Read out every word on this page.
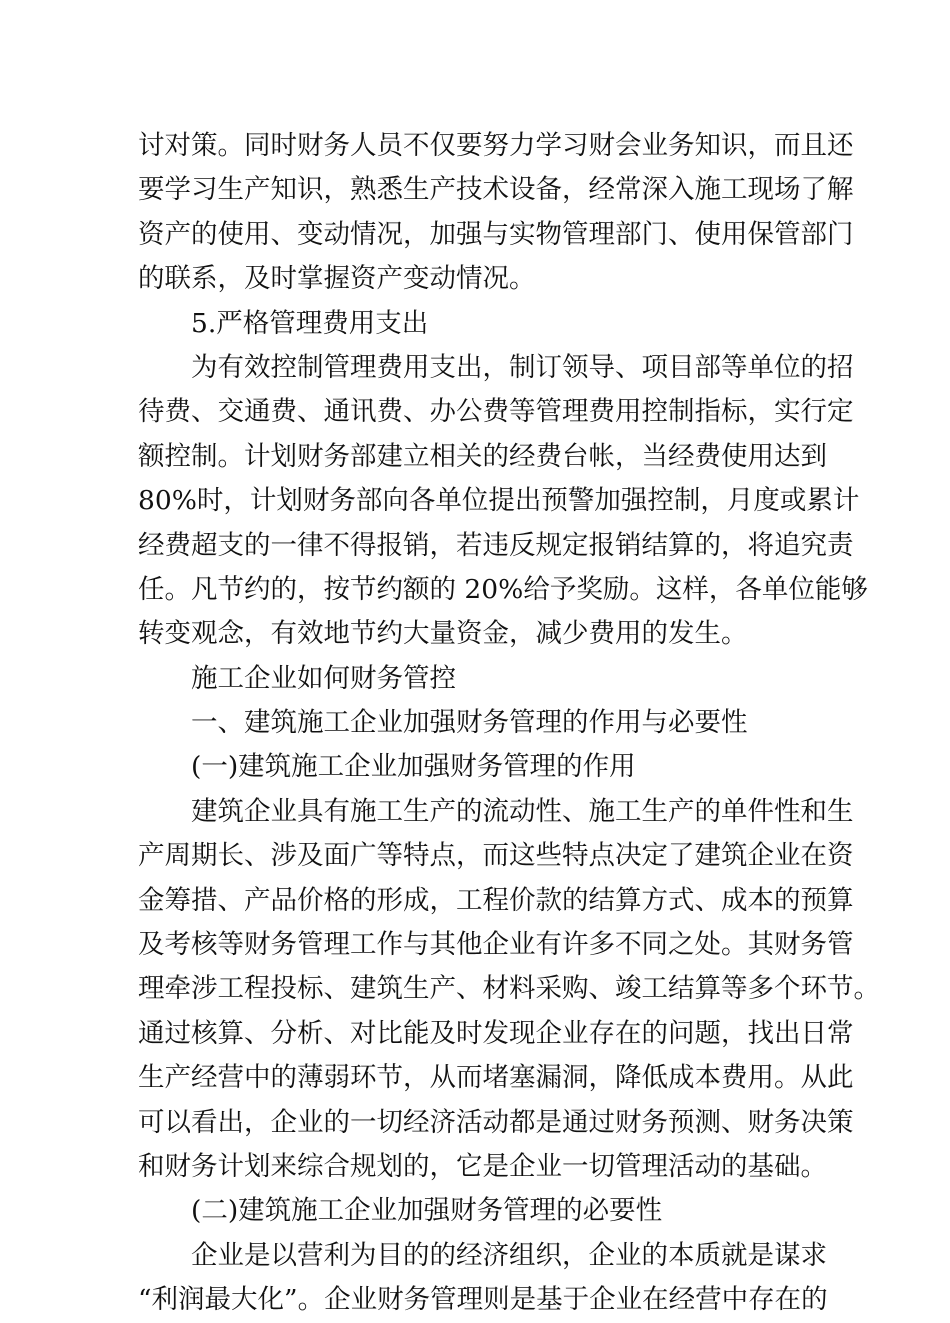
讨对策。同时财务人员不仅要努力学习财会业务知识，而且还
要学习生产知识，熟悉生产技术设备，经常深入施工现场了解
资产的使用、变动情况，加强与实物管理部门、使用保管部门
的联系，及时掌握资产变动情况。
5.严格管理费用支出
为有效控制管理费用支出，制订领导、项目部等单位的招
待费、交通费、通讯费、办公费等管理费用控制指标，实行定
额控制。计划财务部建立相关的经费台帐，当经费使用达到
80%时，计划财务部向各单位提出预警加强控制，月度或累计
经费超支的一律不得报销，若违反规定报销结算的，将追究责
任。凡节约的，按节约额的 20%给予奖励。这样，各单位能够
转变观念，有效地节约大量资金，减少费用的发生。
施工企业如何财务管控
一、建筑施工企业加强财务管理的作用与必要性
(一)建筑施工企业加强财务管理的作用
建筑企业具有施工生产的流动性、施工生产的单件性和生
产周期长、涉及面广等特点，而这些特点决定了建筑企业在资
金筹措、产品价格的形成，工程价款的结算方式、成本的预算
及考核等财务管理工作与其他企业有许多不同之处。其财务管
理牵涉工程投标、建筑生产、材料采购、竣工结算等多个环节。
通过核算、分析、对比能及时发现企业存在的问题，找出日常
生产经营中的薄弱环节，从而堵塞漏洞，降低成本费用。从此
可以看出，企业的一切经济活动都是通过财务预测、财务决策
和财务计划来综合规划的，它是企业一切管理活动的基础。
(二)建筑施工企业加强财务管理的必要性
企业是以营利为目的的经济组织，企业的本质就是谋求
“利润最大化”。企业财务管理则是基于企业在经营中存在的
